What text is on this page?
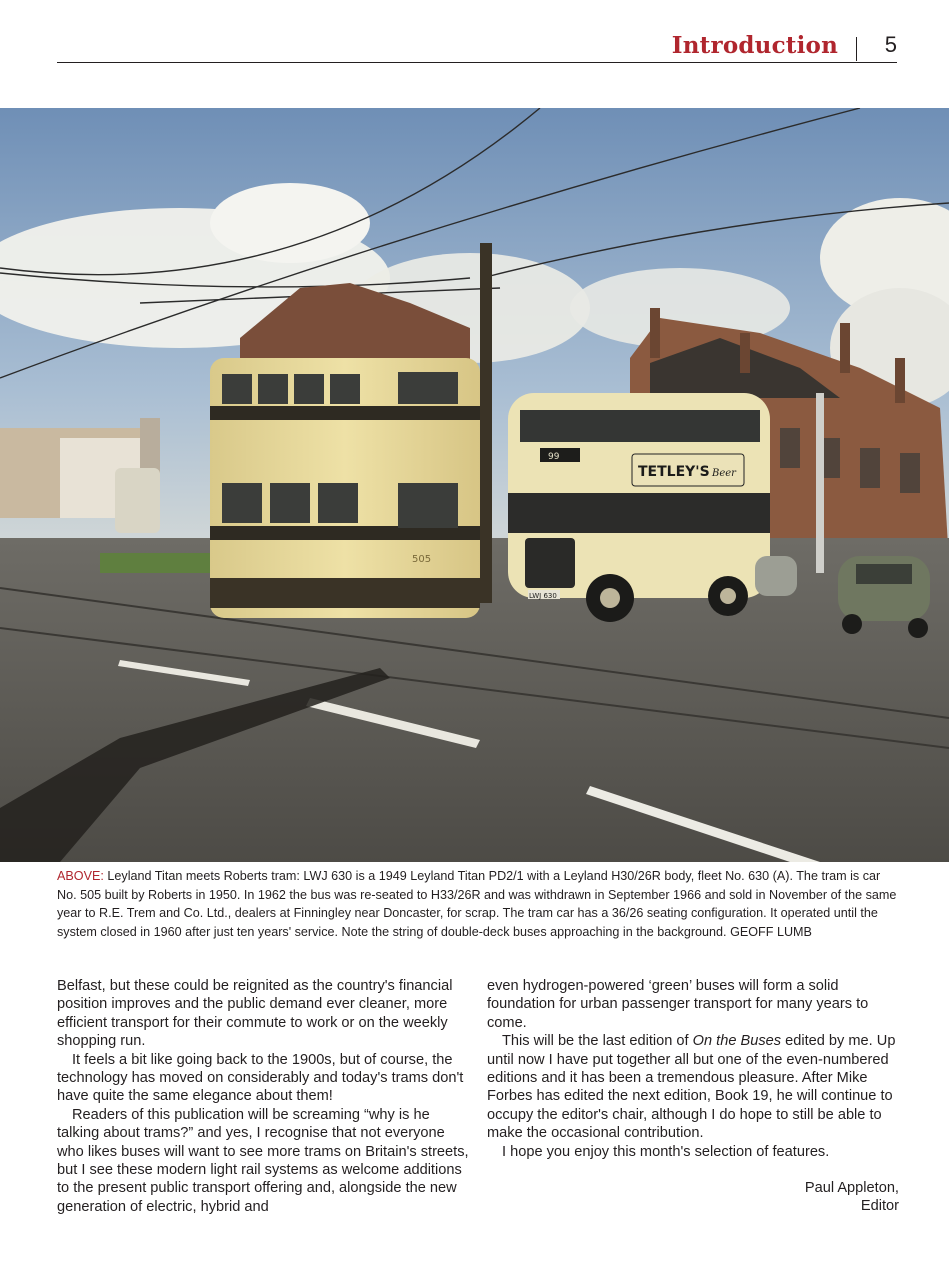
Introduction 5
505
TETLEY'S Beer
99
LWJ 630
ABOVE: Leyland Titan meets Roberts tram: LWJ 630 is a 1949 Leyland Titan PD2/1 with a Leyland H30/26R body, fleet No. 630 (A). The tram is car No. 505 built by Roberts in 1950. In 1962 the bus was re-seated to H33/26R and was withdrawn in September 1966 and sold in November of the same year to R.E. Trem and Co. Ltd., dealers at Finningley near Doncaster, for scrap. The tram car has a 36/26 seating configuration. It operated until the system closed in 1960 after just ten years' service. Note the string of double-deck buses approaching in the background. GEOFF LUMB

Belfast, but these could be reignited as the country's financial position improves and the public demand ever cleaner, more efficient transport for their commute to work or on the weekly shopping run.

It feels a bit like going back to the 1900s, but of course, the technology has moved on considerably and today's trams don't have quite the same elegance about them!

Readers of this publication will be screaming “why is he talking about trams?” and yes, I recognise that not everyone who likes buses will want to see more trams on Britain's streets, but I see these modern light rail systems as welcome additions to the present public transport offering and, alongside the new generation of electric, hybrid and

even hydrogen-powered ‘green’ buses will form a solid foundation for urban passenger transport for many years to come.

This will be the last edition of On the Buses edited by me. Up until now I have put together all but one of the even-numbered editions and it has been a tremendous pleasure. After Mike Forbes has edited the next edition, Book 19, he will continue to occupy the editor's chair, although I do hope to still be able to make the occasional contribution.

I hope you enjoy this month's selection of features.

Paul Appleton,
Editor
